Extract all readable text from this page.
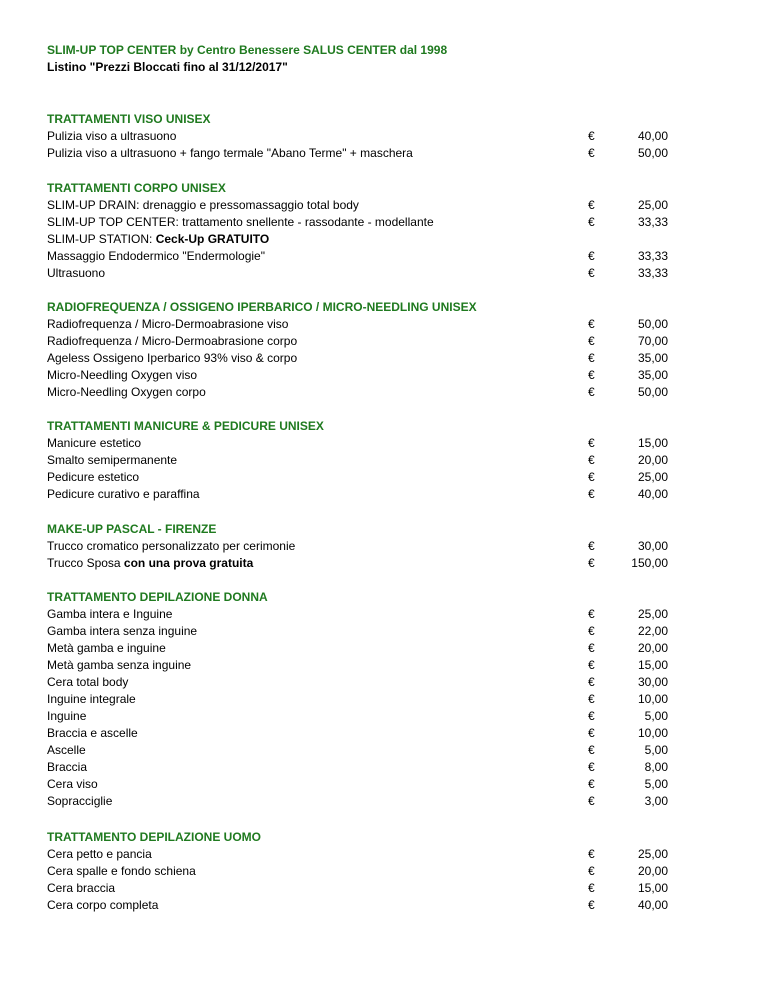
SLIM-UP TOP CENTER by Centro Benessere SALUS CENTER dal 1998
Listino "Prezzi Bloccati fino al 31/12/2017"
TRATTAMENTI VISO UNISEX
Pulizia viso a ultrasuono	€	40,00
Pulizia viso a ultrasuono + fango termale "Abano Terme" + maschera	€	50,00
TRATTAMENTI CORPO UNISEX
SLIM-UP DRAIN: drenaggio e pressomassaggio total body	€	25,00
SLIM-UP TOP CENTER: trattamento snellente - rassodante - modellante	€	33,33
SLIM-UP STATION: Ceck-Up GRATUITO
Massaggio Endodermico "Endermologie"	€	33,33
Ultrasuono	€	33,33
RADIOFREQUENZA / OSSIGENO IPERBARICO / MICRO-NEEDLING UNISEX
Radiofrequenza / Micro-Dermoabrasione viso	€	50,00
Radiofrequenza / Micro-Dermoabrasione corpo	€	70,00
Ageless Ossigeno Iperbarico 93% viso & corpo	€	35,00
Micro-Needling Oxygen viso	€	35,00
Micro-Needling Oxygen corpo	€	50,00
TRATTAMENTI MANICURE & PEDICURE UNISEX
Manicure estetico	€	15,00
Smalto semipermanente	€	20,00
Pedicure estetico	€	25,00
Pedicure curativo e paraffina	€	40,00
MAKE-UP PASCAL - FIRENZE
Trucco cromatico personalizzato per cerimonie	€	30,00
Trucco Sposa con una prova gratuita	€	150,00
TRATTAMENTO DEPILAZIONE DONNA
Gamba intera e Inguine	€	25,00
Gamba intera senza inguine	€	22,00
Metà gamba e inguine	€	20,00
Metà gamba senza inguine	€	15,00
Cera total body	€	30,00
Inguine integrale	€	10,00
Inguine	€	5,00
Braccia e ascelle	€	10,00
Ascelle	€	5,00
Braccia	€	8,00
Cera viso	€	5,00
Sopracciglie	€	3,00
TRATTAMENTO DEPILAZIONE UOMO
Cera petto e pancia	€	25,00
Cera spalle e fondo schiena	€	20,00
Cera braccia	€	15,00
Cera corpo completa	€	40,00
